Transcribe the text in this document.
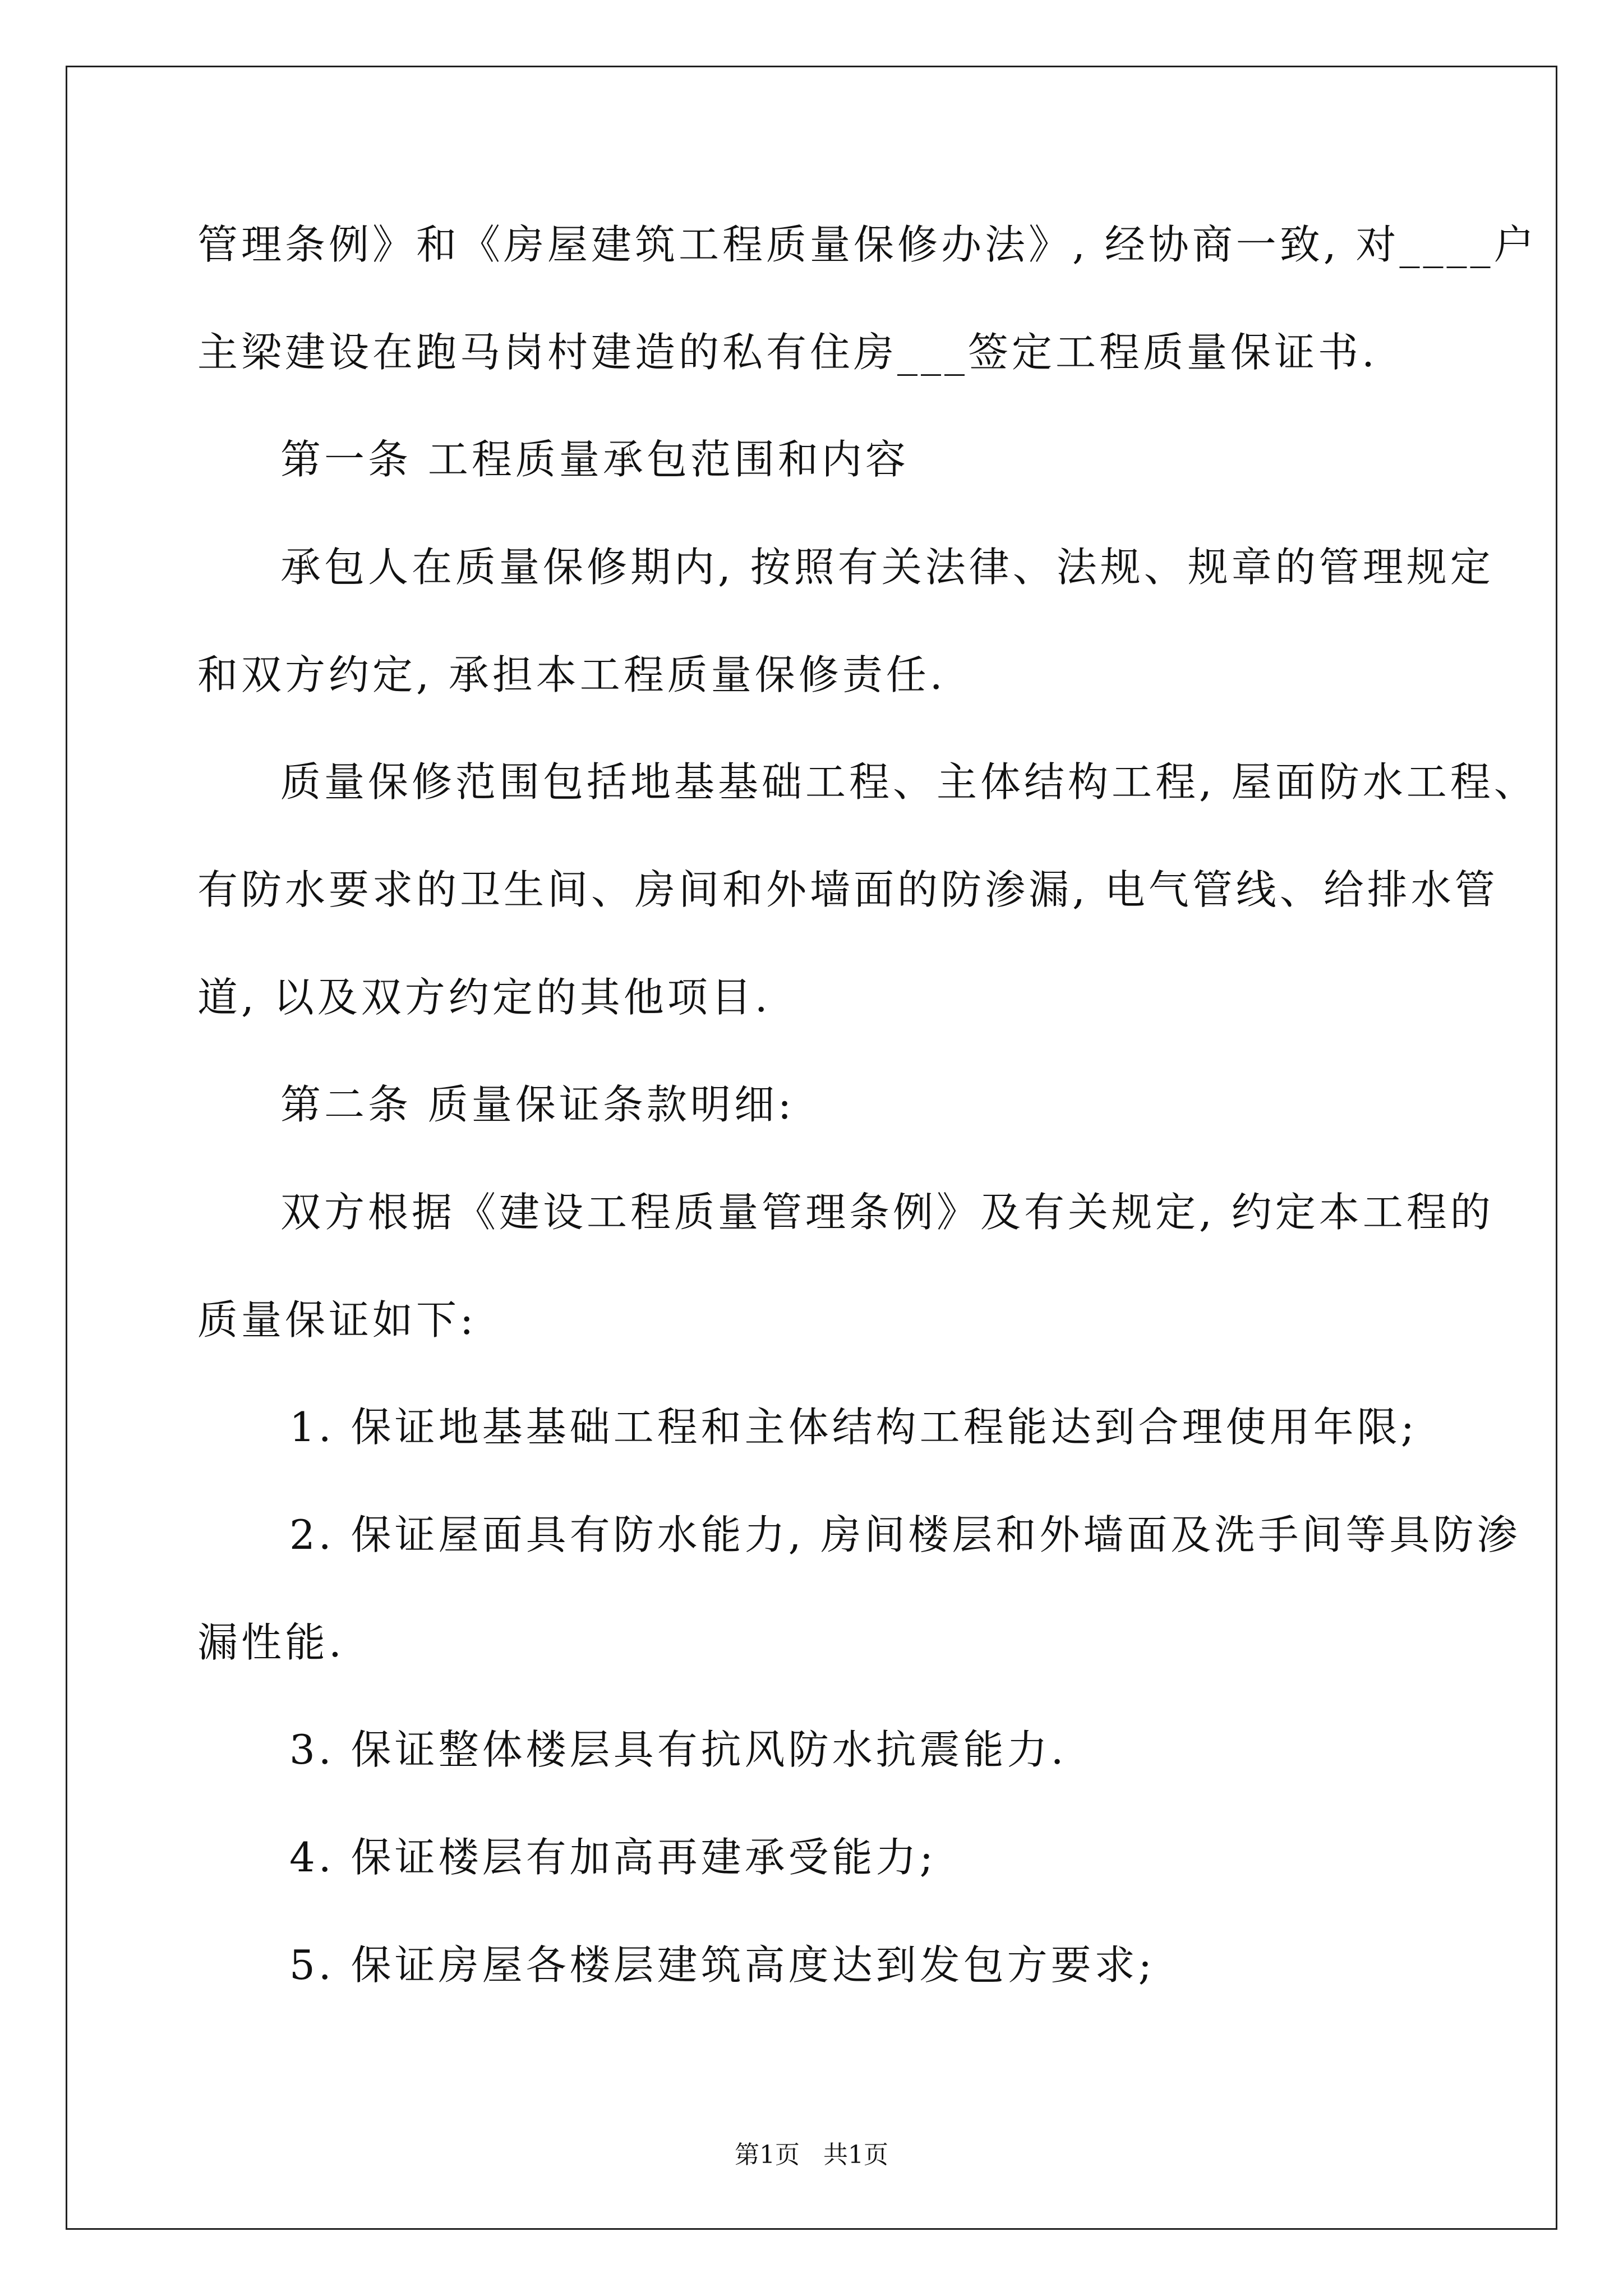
管理条例》和《房屋建筑工程质量保修办法》, 经协商一致, 对____户
主梁建设在跑马岗村建造的私有住房___签定工程质量保证书.
第一条 工程质量承包范围和内容
承包人在质量保修期内, 按照有关法律、法规、规章的管理规定
和双方约定, 承担本工程质量保修责任.
质量保修范围包括地基基础工程、主体结构工程, 屋面防水工程、
有防水要求的卫生间、房间和外墙面的防渗漏, 电气管线、给排水管
道, 以及双方约定的其他项目.
第二条 质量保证条款明细:
双方根据《建设工程质量管理条例》及有关规定, 约定本工程的
质量保证如下:
1. 保证地基基础工程和主体结构工程能达到合理使用年限;
2. 保证屋面具有防水能力, 房间楼层和外墙面及洗手间等具防渗
漏性能.
3. 保证整体楼层具有抗风防水抗震能力.
4. 保证楼层有加高再建承受能力;
5. 保证房屋各楼层建筑高度达到发包方要求;
第1页   共1页
